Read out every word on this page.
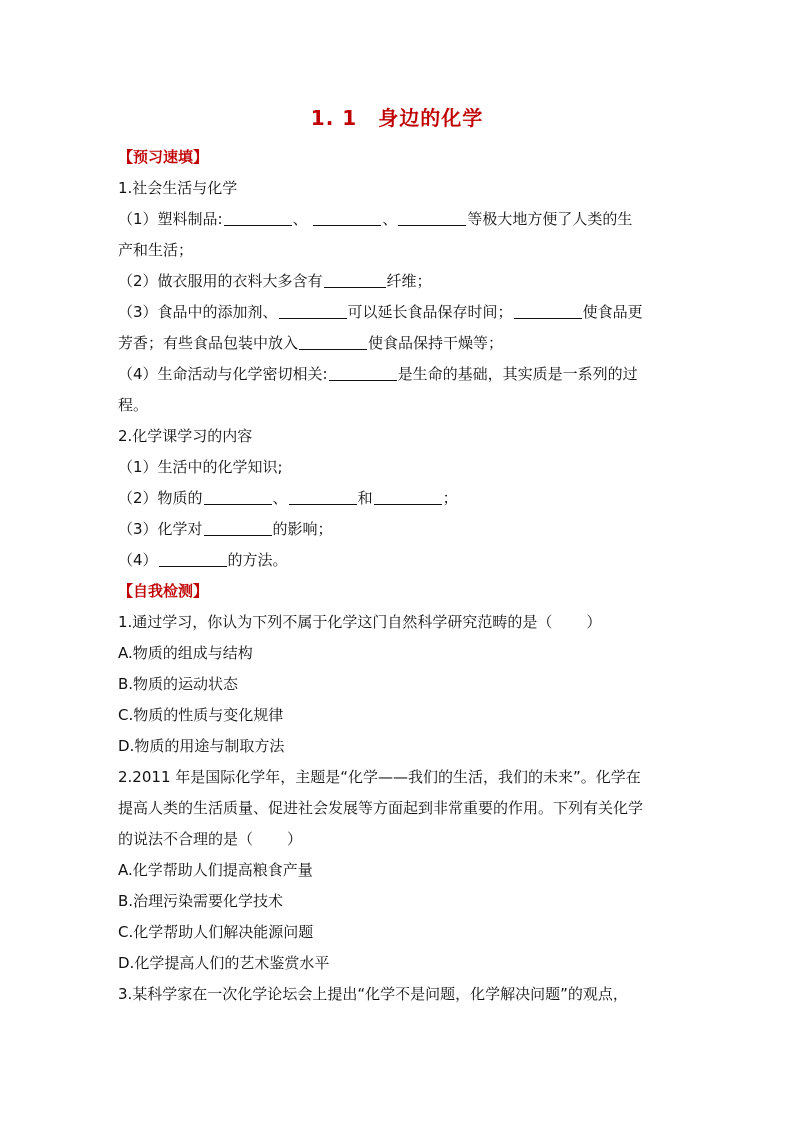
1. 1　身边的化学
【预习速填】
1.社会生活与化学
（1）塑料制品:	、	、	等极大地方便了人类的生
产和生活；
（2）做衣服用的衣料大多含有	纤维；
（3）食品中的添加剂、	可以延长食品保存时间；	使食品更
芳香；有些食品包装中放入	使食品保持干燥等；
（4）生命活动与化学密切相关:	是生命的基础，其实质是一系列的过
程。
2.化学课学习的内容
（1）生活中的化学知识;
（2）物质的	、	和	；
（3）化学对	的影响；
（4）	的方法。
【自我检测】
1.通过学习，你认为下列不属于化学这门自然科学研究范畴的是（ ）
A.物质的组成与结构
B.物质的运动状态
C.物质的性质与变化规律
D.物质的用途与制取方法
2.2011 年是国际化学年，主题是“化学——我们的生活，我们的未来”。化学在
提高人类的生活质量、促进社会发展等方面起到非常重要的作用。下列有关化学
的说法不合理的是（ ）
A.化学帮助人们提高粮食产量
B.治理污染需要化学技术
C.化学帮助人们解决能源问题
D.化学提高人们的艺术鉴赏水平
3.某科学家在一次化学论坛会上提出“化学不是问题，化学解决问题”的观点，
